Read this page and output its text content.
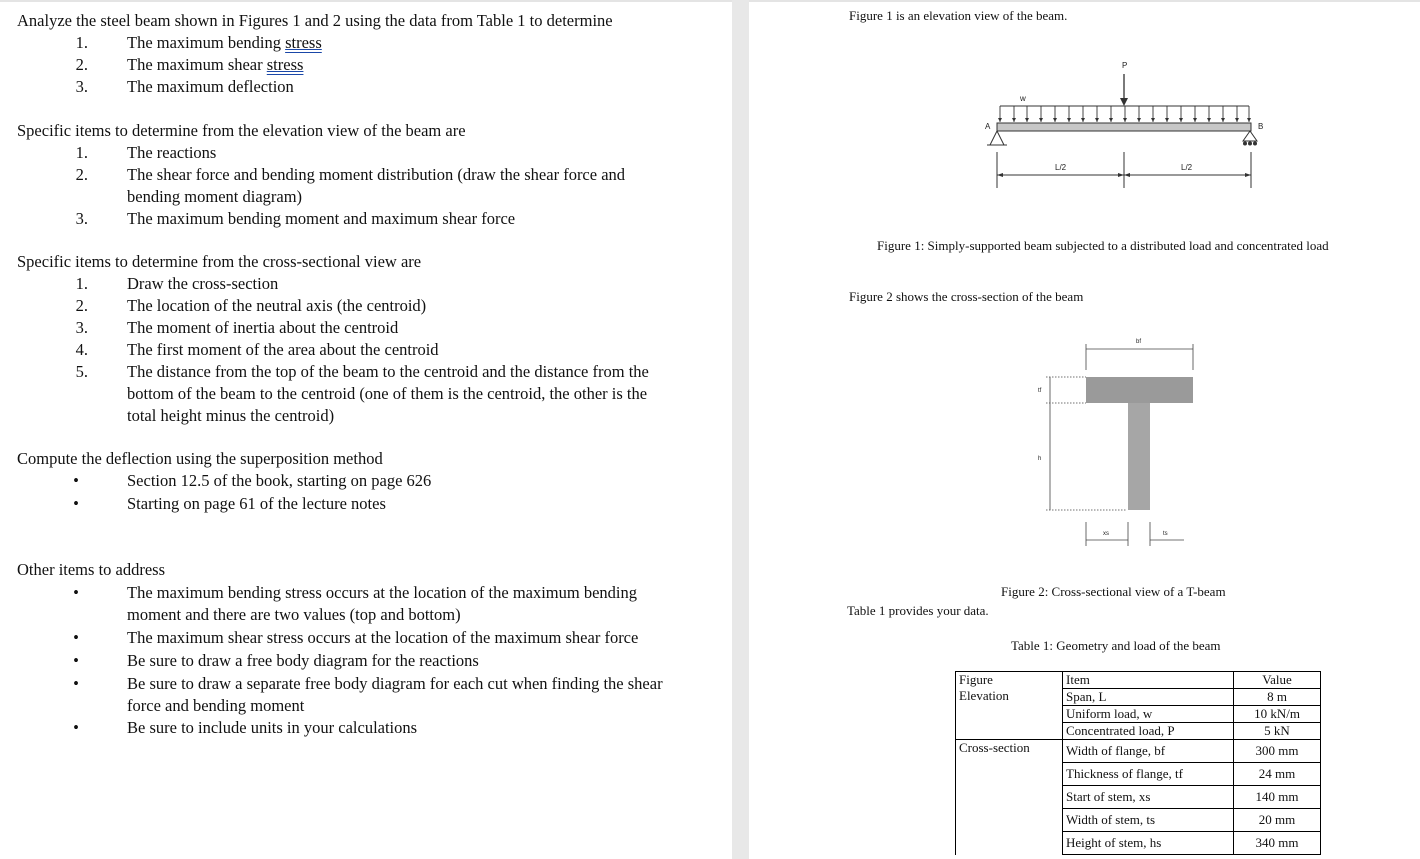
Analyze the steel beam shown in Figures 1 and 2 using the data from Table 1 to determine
1. The maximum bending stress
2. The maximum shear stress
3. The maximum deflection
Specific items to determine from the elevation view of the beam are
1. The reactions
2. The shear force and bending moment distribution (draw the shear force and
bending moment diagram)
3. The maximum bending moment and maximum shear force
Specific items to determine from the cross-sectional view are
1. Draw the cross-section
2. The location of the neutral axis (the centroid)
3. The moment of inertia about the centroid
4. The first moment of the area about the centroid
5. The distance from the top of the beam to the centroid and the distance from the
bottom of the beam to the centroid (one of them is the centroid, the other is the
total height minus the centroid)
Compute the deflection using the superposition method
•	Section 12.5 of the book, starting on page 626
•	Starting on page 61 of the lecture notes
Other items to address
•	The maximum bending stress occurs at the location of the maximum bending
moment and there are two values (top and bottom)
•	The maximum shear stress occurs at the location of the maximum shear force
•	Be sure to draw a free body diagram for the reactions
•	Be sure to draw a separate free body diagram for each cut when finding the shear
force and bending moment
•	Be sure to include units in your calculations
Figure 1 is an elevation view of the beam.
P
w
A	B
L/2	L/2
Figure 1: Simply-supported beam subjected to a distributed load and concentrated load
Figure 2 shows the cross-section of the beam
bf
tf
h
xs	ts
Figure 2: Cross-sectional view of a T-beam
Table 1 provides your data.
Table 1: Geometry and load of the beam
Figure
Elevation	Item	Value
	Span, L	8 m
	Uniform load, w	10 kN/m
	Concentrated load, P	5 kN
Cross-section	Width of flange, bf	300 mm
	Thickness of flange, tf	24 mm
	Start of stem, xs	140 mm
	Width of stem, ts	20 mm
	Height of stem, hs	340 mm
